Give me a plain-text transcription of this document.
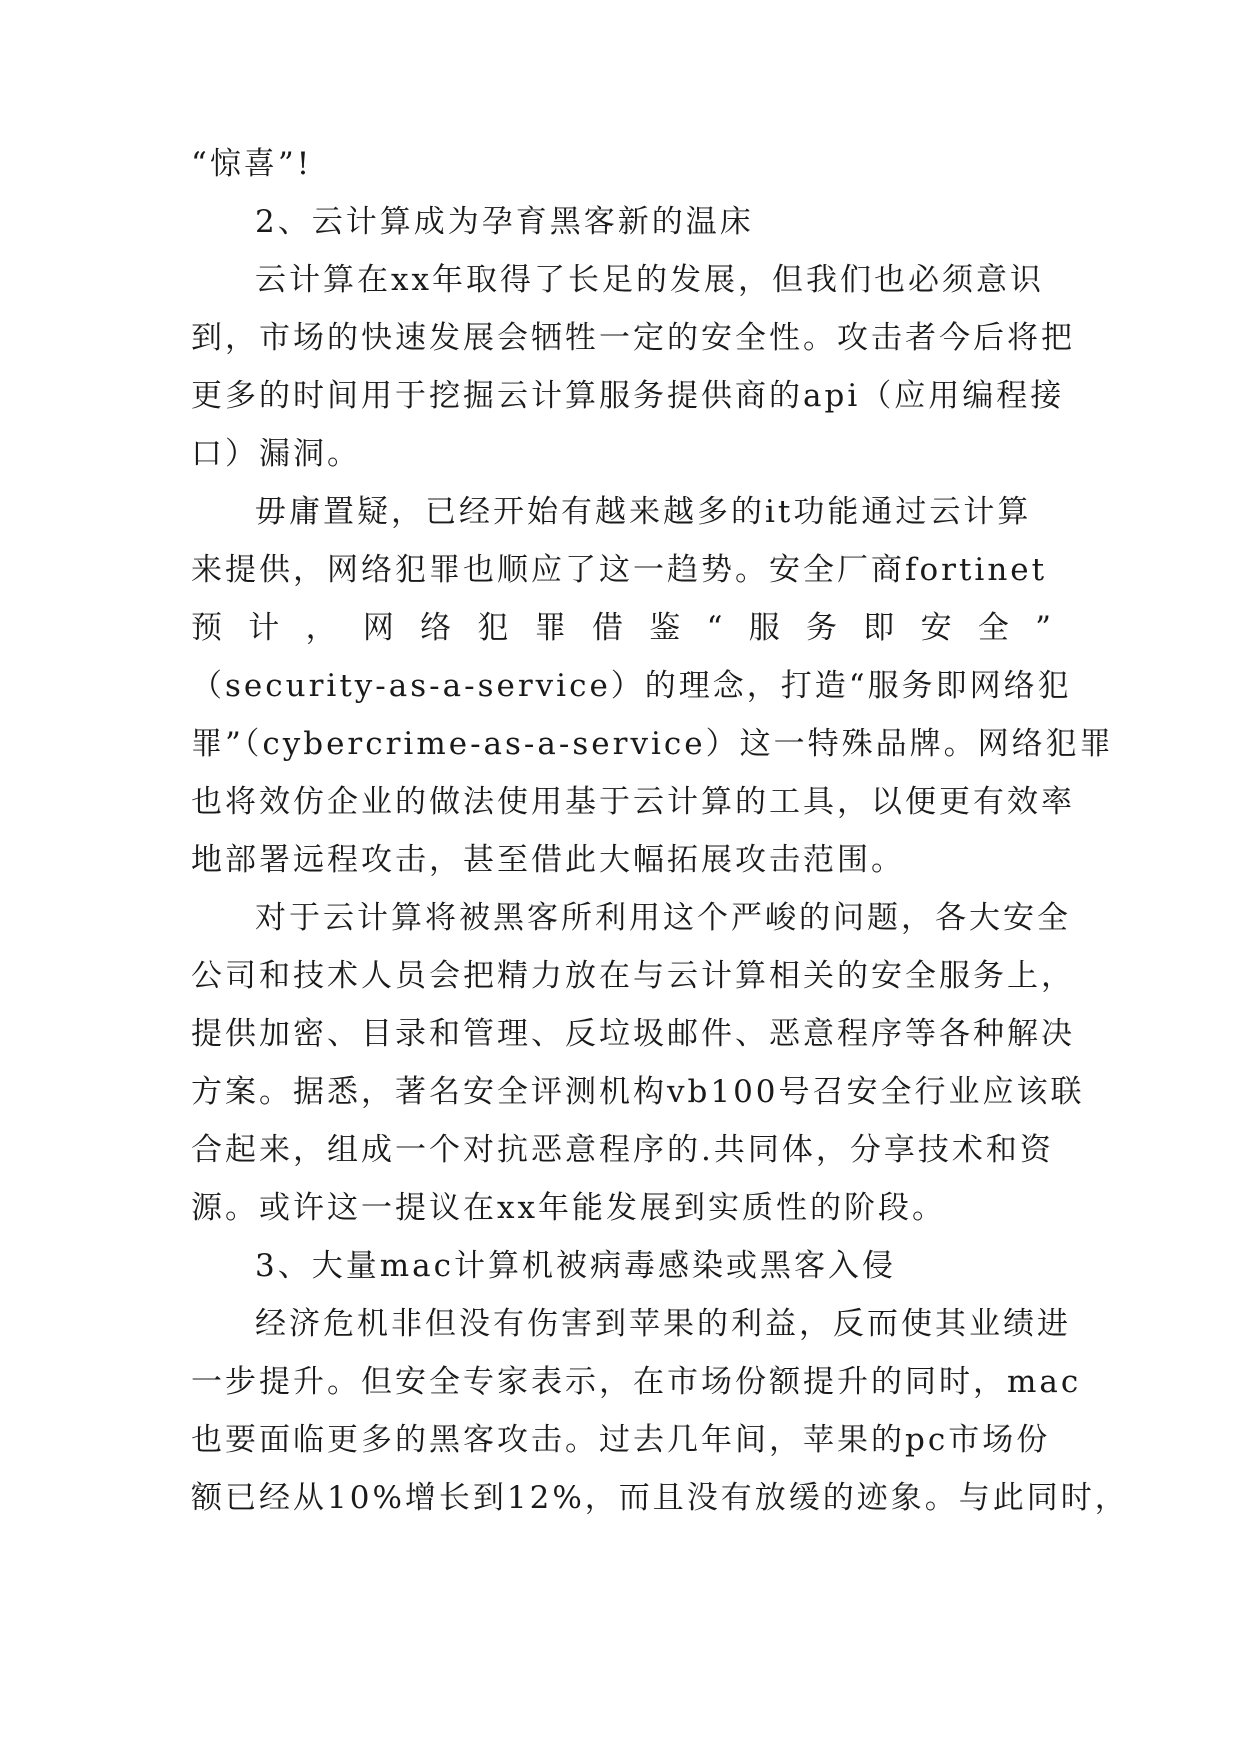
“惊喜”!
2、云计算成为孕育黑客新的温床
云计算在xx年取得了长足的发展，但我们也必须意识
到，市场的快速发展会牺牲一定的安全性。攻击者今后将把
更多的时间用于挖掘云计算服务提供商的api（应用编程接
口）漏洞。
毋庸置疑，已经开始有越来越多的it功能通过云计算
来提供，网络犯罪也顺应了这一趋势。安全厂商fortinet
预计，网络犯罪借鉴“服务即安全”
（security-as-a-service）的理念，打造“服务即网络犯
罪”（cybercrime-as-a-service）这一特殊品牌。网络犯罪
也将效仿企业的做法使用基于云计算的工具，以便更有效率
地部署远程攻击，甚至借此大幅拓展攻击范围。
对于云计算将被黑客所利用这个严峻的问题，各大安全
公司和技术人员会把精力放在与云计算相关的安全服务上，
提供加密、目录和管理、反垃圾邮件、恶意程序等各种解决
方案。据悉，著名安全评测机构vb100号召安全行业应该联
合起来，组成一个对抗恶意程序的.共同体，分享技术和资
源。或许这一提议在xx年能发展到实质性的阶段。
3、大量mac计算机被病毒感染或黑客入侵
经济危机非但没有伤害到苹果的利益，反而使其业绩进
一步提升。但安全专家表示，在市场份额提升的同时，mac
也要面临更多的黑客攻击。过去几年间，苹果的pc市场份
额已经从10%增长到12%，而且没有放缓的迹象。与此同时，
